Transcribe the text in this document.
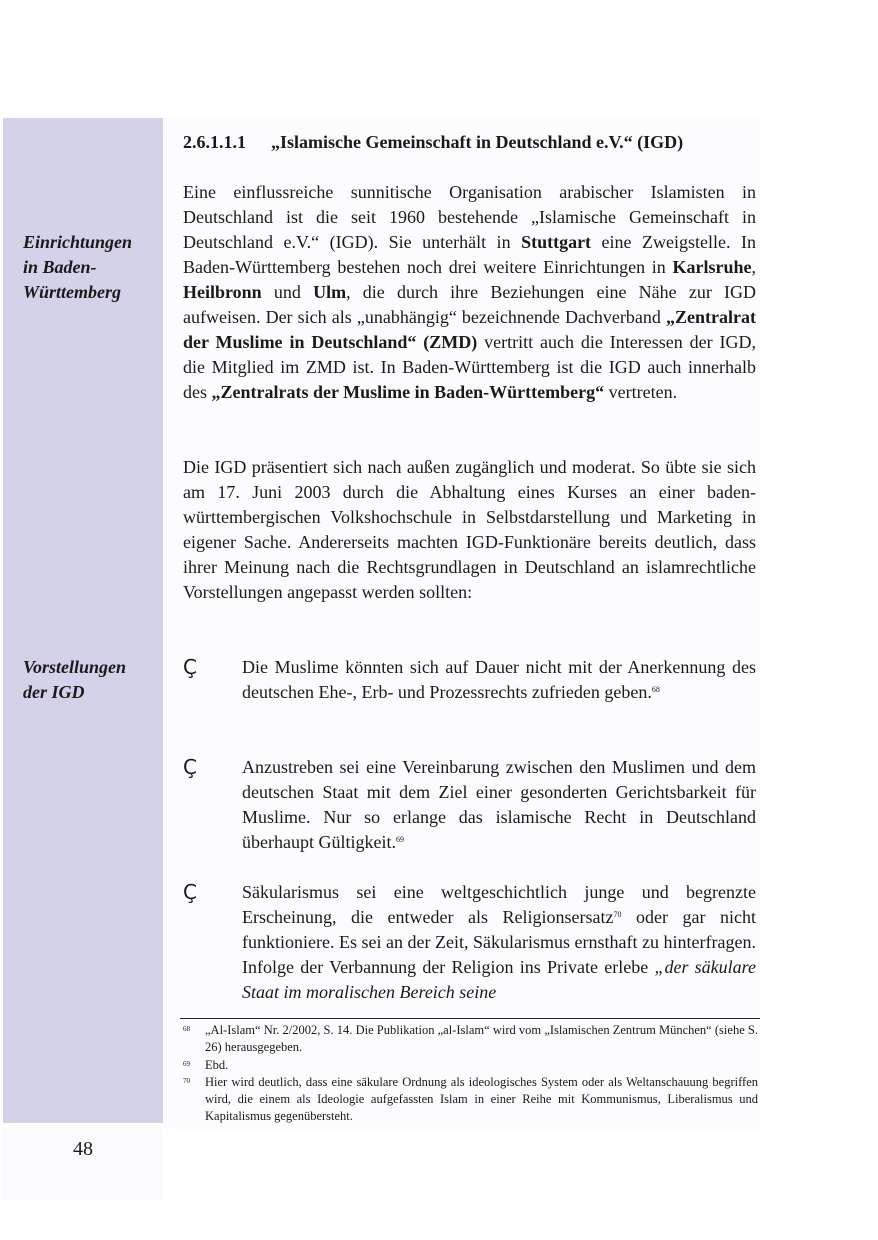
Einrichtungen
in Baden-
Württemberg
Vorstellungen
der IGD
2.6.1.1.1 „Islamische Gemeinschaft in Deutschland e.V.“ (IGD)
Eine einflussreiche sunnitische Organisation arabischer Islamisten in Deutschland ist die seit 1960 bestehende „Islamische Gemeinschaft in Deutschland e.V.“ (IGD). Sie unterhält in Stuttgart eine Zweigstelle. In Baden-Württemberg bestehen noch drei weitere Einrichtungen in Karlsruhe, Heilbronn und Ulm, die durch ihre Beziehungen eine Nähe zur IGD aufweisen. Der sich als „unabhängig“ bezeichnende Dachverband „Zentralrat der Muslime in Deutschland“ (ZMD) vertritt auch die Interessen der IGD, die Mitglied im ZMD ist. In Baden-Württemberg ist die IGD auch innerhalb des „Zentralrats der Muslime in Baden-Württemberg“ vertreten.
Die IGD präsentiert sich nach außen zugänglich und moderat. So übte sie sich am 17. Juni 2003 durch die Abhaltung eines Kurses an einer baden-württembergischen Volkshochschule in Selbstdarstellung und Marketing in eigener Sache. Andererseits machten IGD-Funktionäre bereits deutlich, dass ihrer Meinung nach die Rechtsgrundlagen in Deutschland an islamrechtliche Vorstellungen angepasst werden sollten:
Ç	Die Muslime könnten sich auf Dauer nicht mit der Anerkennung des deutschen Ehe-, Erb- und Prozessrechts zufrieden geben.$^{68}$
Ç	Anzustreben sei eine Vereinbarung zwischen den Muslimen und dem deutschen Staat mit dem Ziel einer gesonderten Gerichtsbarkeit für Muslime. Nur so erlange das islamische Recht in Deutschland überhaupt Gültigkeit.$^{69}$
Ç	Säkularismus sei eine weltgeschichtlich junge und begrenzte Erscheinung, die entweder als Religionsersatz$^{70}$ oder gar nicht funktioniere. Es sei an der Zeit, Säkularismus ernsthaft zu hinterfragen. Infolge der Verbannung der Religion ins Private erlebe „der säkulare Staat im moralischen Bereich seine
68 „Al-Islam“ Nr. 2/2002, S. 14. Die Publikation „al-Islam“ wird vom „Islamischen Zentrum München“ (siehe S. 26) herausgegeben.
69 Ebd.
70 Hier wird deutlich, dass eine säkulare Ordnung als ideologisches System oder als Weltanschauung begriffen wird, die einem als Ideologie aufgefassten Islam in einer Reihe mit Kommunismus, Liberalismus und Kapitalismus gegenübersteht.
48
